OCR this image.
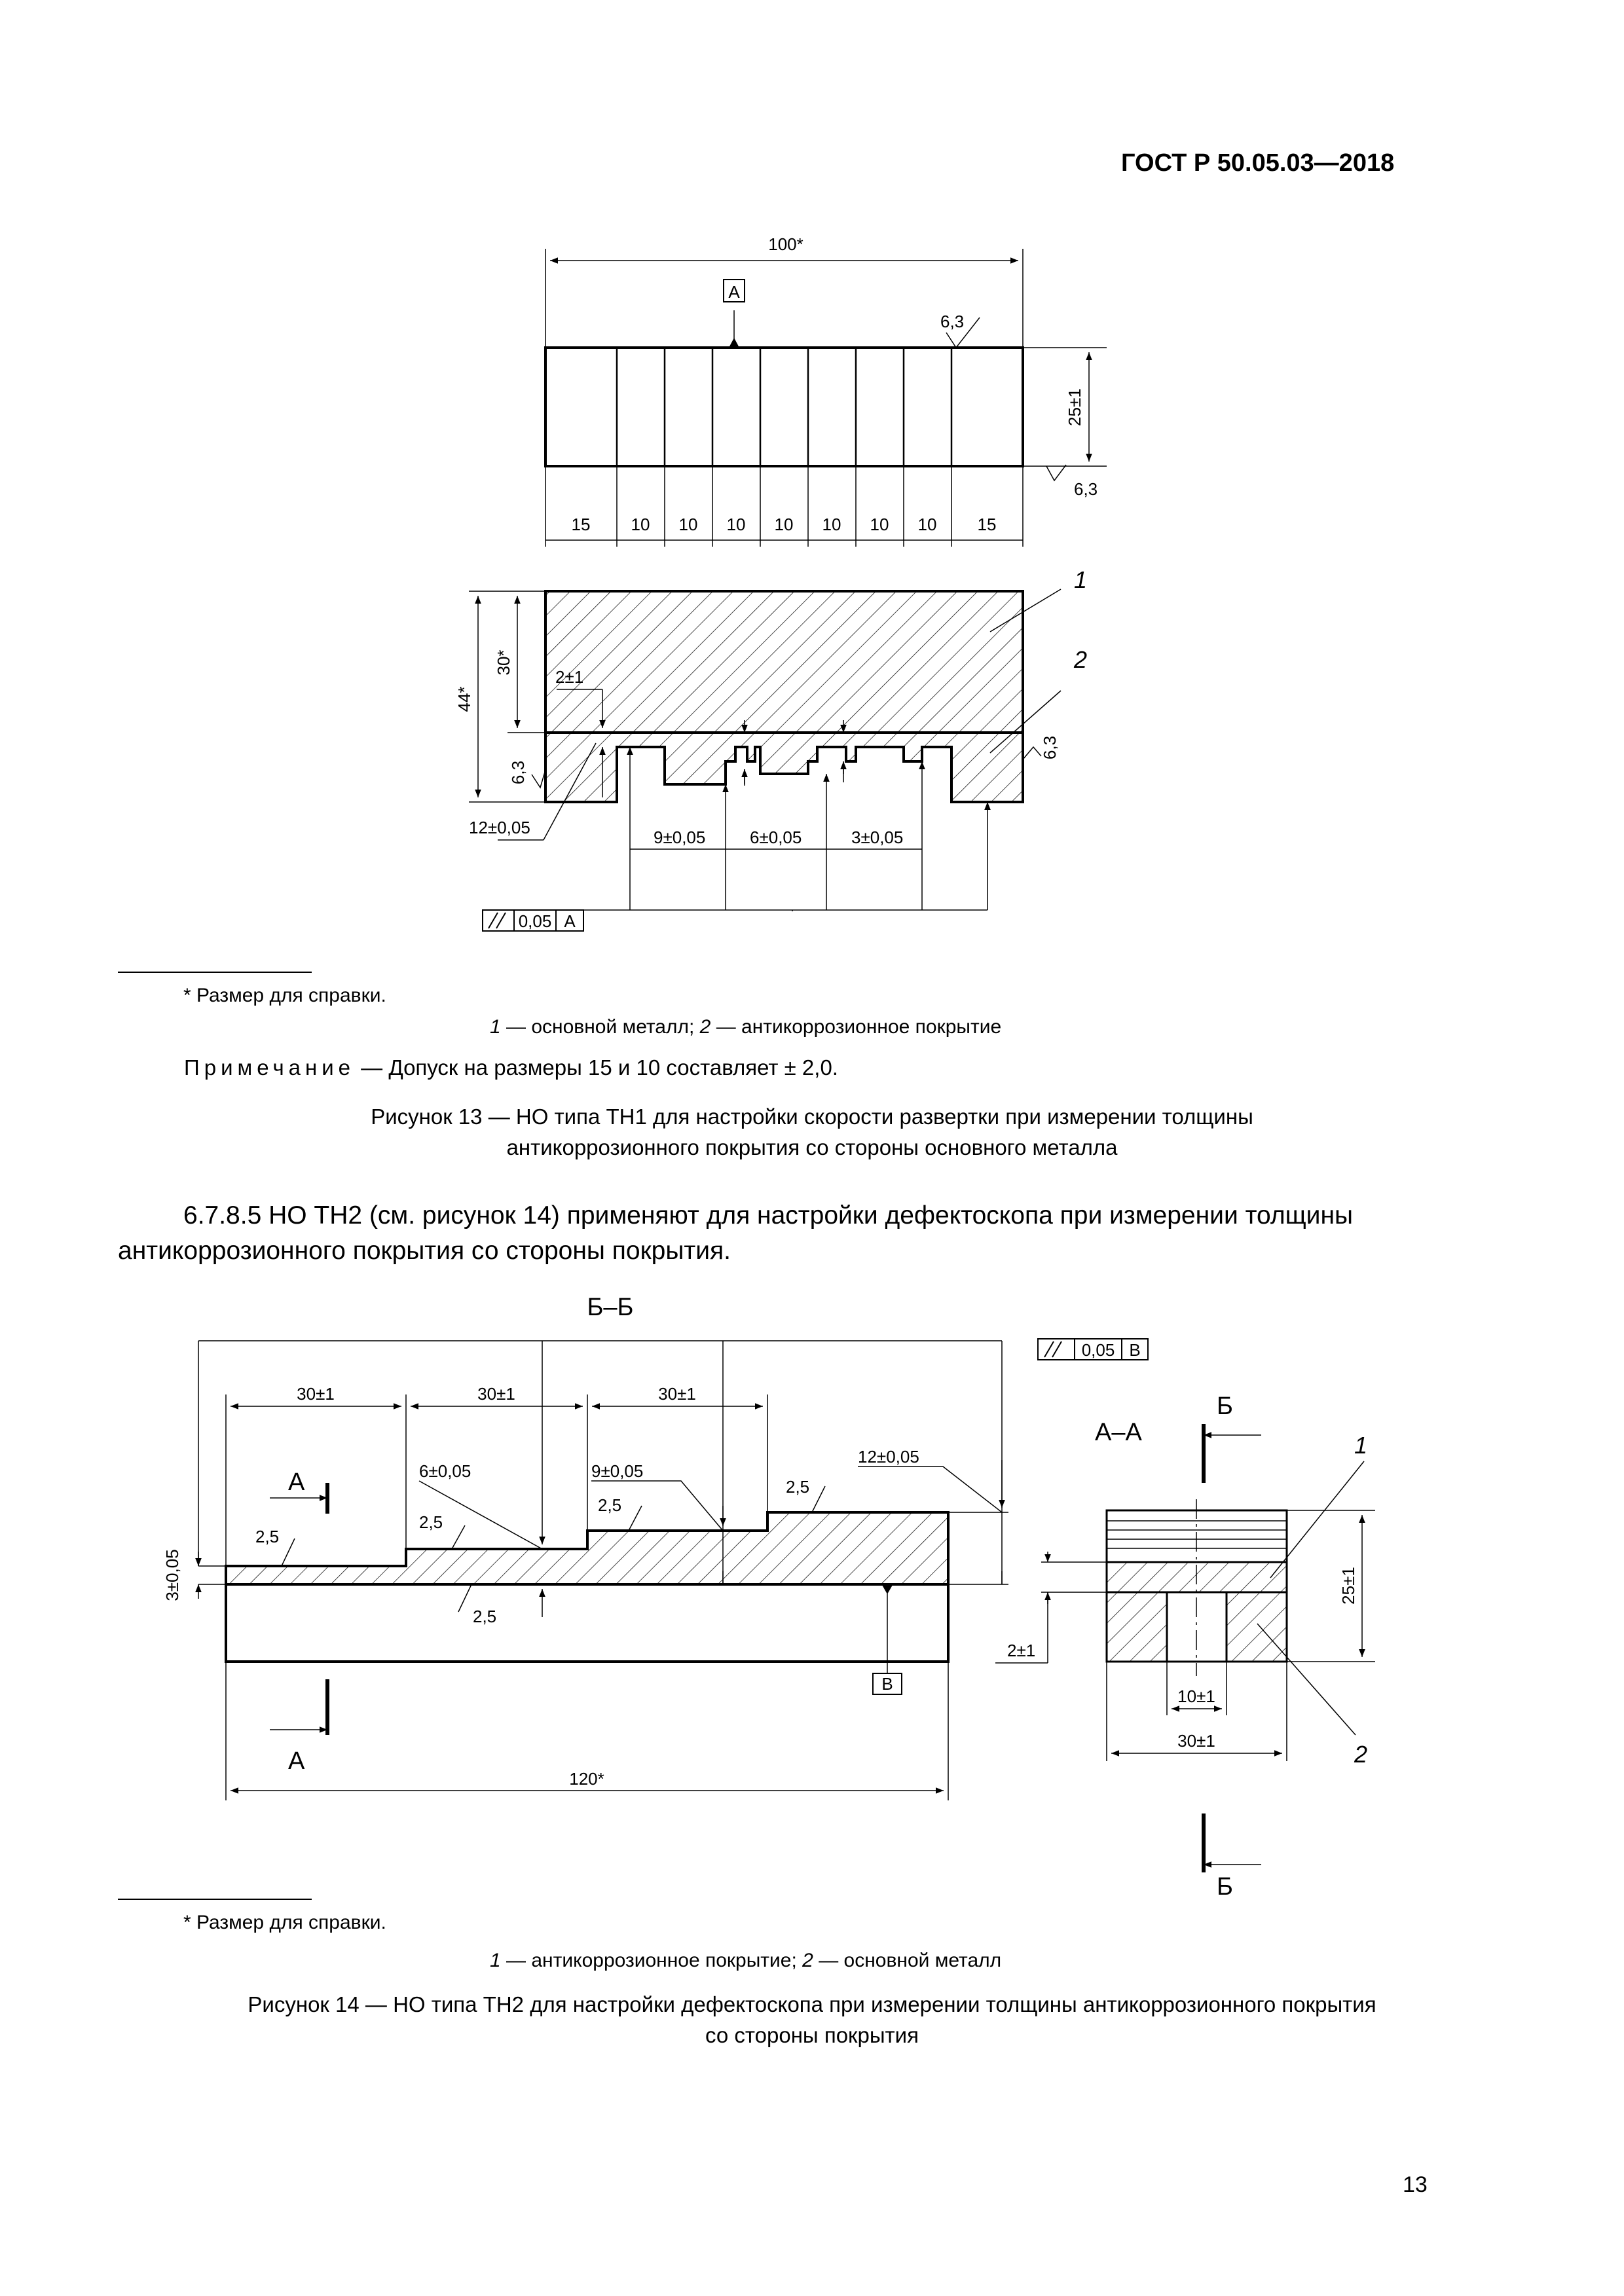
ГОСТ Р 50.05.03—2018
100*
А
6,3
6,3
25±1
15 10 10 10 10 10 10 10 15
1
2
30*
44*
2±1
6,3
6,3
12±0,05	9±0,05	6±0,05	3±0,05
0,05 А
* Размер для справки.
1 — основной металл; 2 — антикоррозионное покрытие
Примечание — Допуск на размеры 15 и 10 составляет ± 2,0.
Рисунок 13 — НО типа ТН1 для настройки скорости развертки при измерении толщины
антикоррозионного покрытия со стороны основного металла
6.7.8.5 НО ТН2 (см. рисунок 14) применяют для настройки дефектоскопа при измерении толщины
антикоррозионного покрытия со стороны покрытия.
Б–Б
0,05 В
30±1	30±1	30±1
12±0,05
9±0,05
6±0,05
3±0,05
2,5
2,5
2,5
2,5
2,5
А
А
В
120*
А–А
Б
Б
1
2
25±1
2±1
10±1
30±1
* Размер для справки.
1 — антикоррозионное покрытие; 2 — основной металл
Рисунок 14 — НО типа ТН2 для настройки дефектоскопа при измерении толщины антикоррозионного покрытия
со стороны покрытия
13
